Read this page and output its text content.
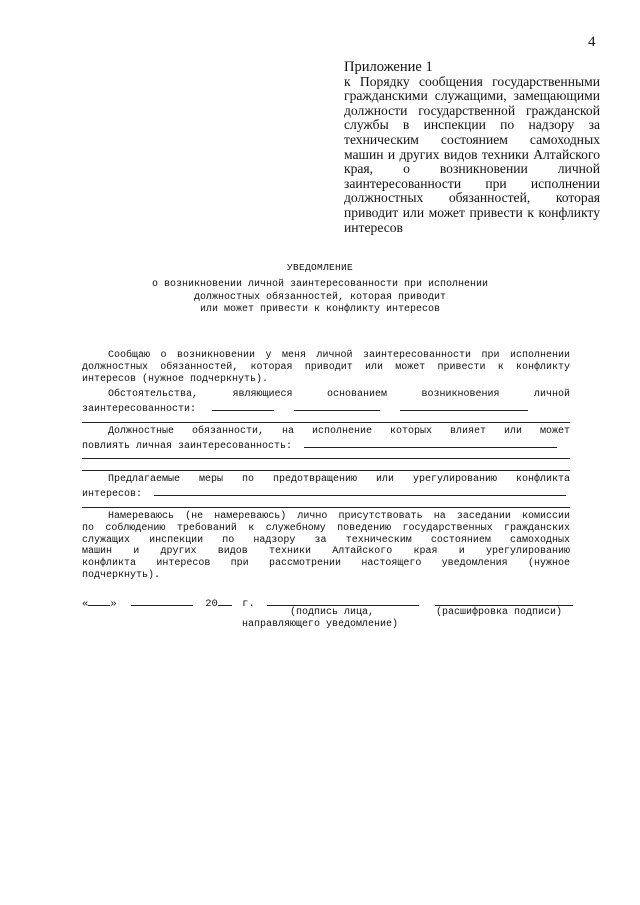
4
Приложение 1
к Порядку сообщения государственными гражданскими служащими, замещающими должности государственной гражданской службы в инспекции по надзору за техническим состоянием самоходных машин и других видов техники Алтайского края, о возникновении личной заинтересованности при исполнении должностных обязанностей, которая приводит или может привести к конфликту интересов
УВЕДОМЛЕНИЕ
о возникновении личной заинтересованности при исполнении
должностных обязанностей, которая приводит
или может привести к конфликту интересов
Сообщаю о возникновении у меня личной заинтересованности при исполнении
должностных обязанностей, которая приводит или может привести к конфликту
интересов (нужное подчеркнуть).
Обстоятельства, являющиеся основанием возникновения личной
заинтересованности:
Должностные обязанности, на исполнение которых влияет или может
повлиять личная заинтересованность:
Предлагаемые меры по предотвращению или урегулированию конфликта
интересов:
Намереваюсь (не намереваюсь) лично присутствовать на заседании комиссии
по соблюдению требований к служебному поведению государственных гражданских
служащих инспекции по надзору за техническим состоянием самоходных
машин и других видов техники Алтайского края и урегулированию
конфликта интересов при рассмотрении настоящего уведомления (нужное
подчеркнуть).
« »	20 г.
(подпись лица,
направляющего уведомление)
(расшифровка подписи)
